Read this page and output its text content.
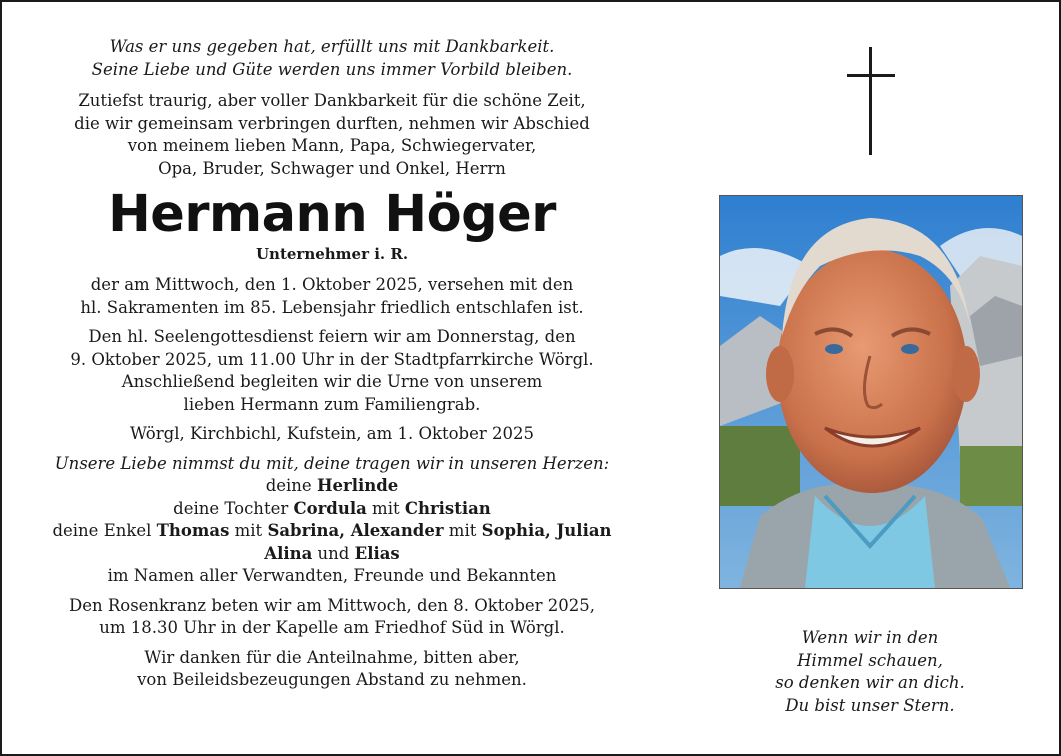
Was er uns gegeben hat, erfüllt uns mit Dankbarkeit.
Seine Liebe und Güte werden uns immer Vorbild bleiben.

Zutiefst traurig, aber voller Dankbarkeit für die schöne Zeit,
die wir gemeinsam verbringen durften, nehmen wir Abschied
von meinem lieben Mann, Papa, Schwiegervater,
Opa, Bruder, Schwager und Onkel, Herrn

Hermann Höger

Unternehmer i. R.

der am Mittwoch, den 1. Oktober 2025, versehen mit den
hl. Sakramenten im 85. Lebensjahr friedlich entschlafen ist.

Den hl. Seelengottesdienst feiern wir am Donnerstag, den
9. Oktober 2025, um 11.00 Uhr in der Stadtpfarrkirche Wörgl.
Anschließend begleiten wir die Urne von unserem
lieben Hermann zum Familiengrab.

Wörgl, Kirchbichl, Kufstein, am 1. Oktober 2025

Unsere Liebe nimmst du mit, deine tragen wir in unseren Herzen:

deine Herlinde
deine Tochter Cordula mit Christian
deine Enkel Thomas mit Sabrina, Alexander mit Sophia, Julian
Alina und Elias
im Namen aller Verwandten, Freunde und Bekannten

Den Rosenkranz beten wir am Mittwoch, den 8. Oktober 2025,
um 18.30 Uhr in der Kapelle am Friedhof Süd in Wörgl.

Wir danken für die Anteilnahme, bitten aber,
von Beileidsbezeugungen Abstand zu nehmen.

Wenn wir in den

Himmel schauen,

so denken wir an dich.

Du bist unser Stern.
